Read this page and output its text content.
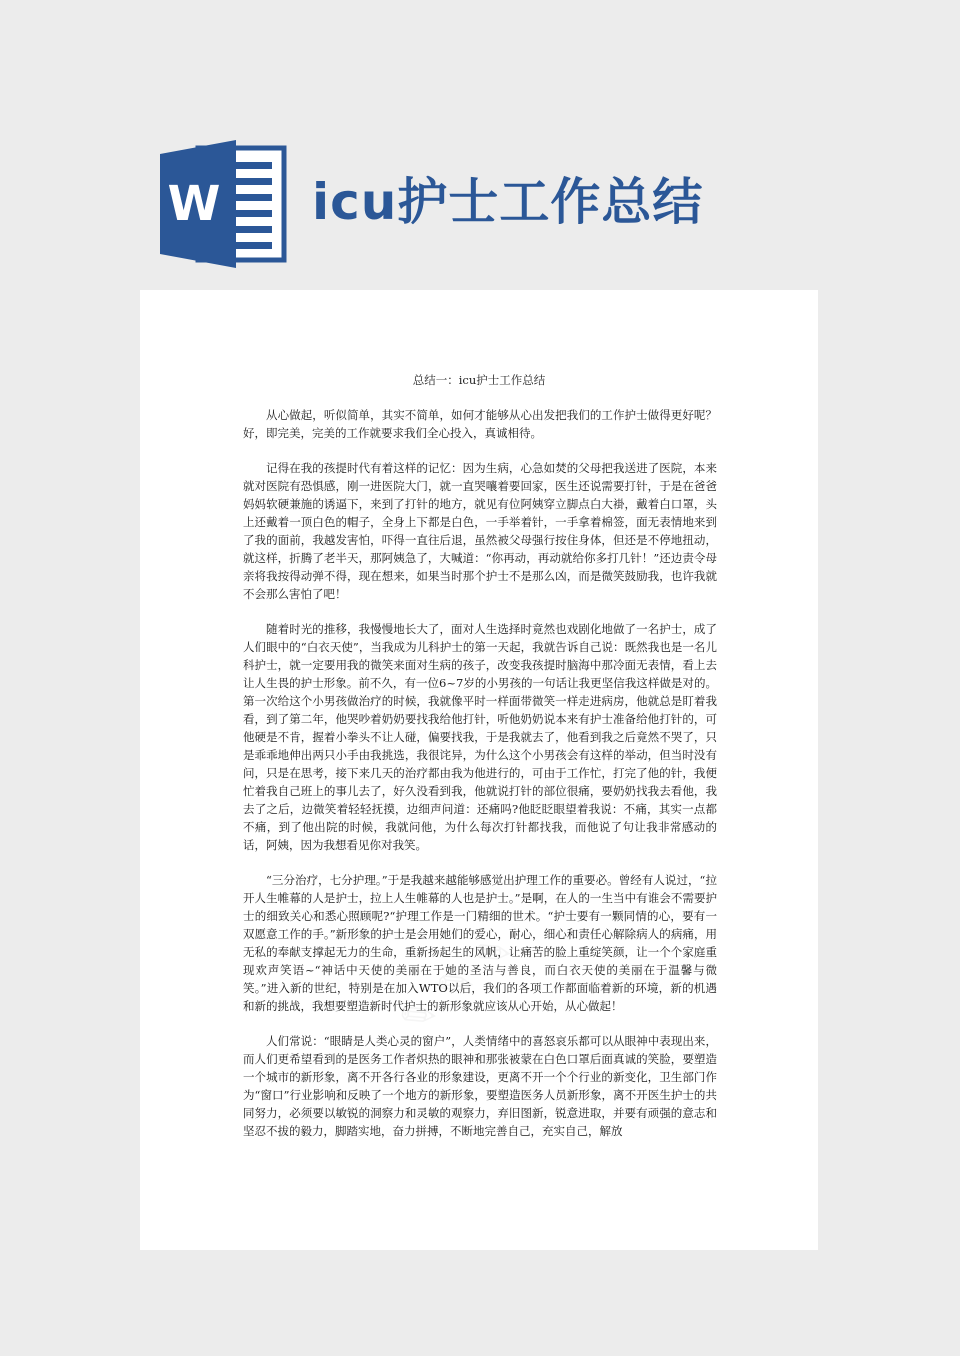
W icu护士工作总结
总结一：icu护士工作总结

从心做起，听似简单，其实不简单，如何才能够从心出发把我们的工作护士做得更好呢？好，即完美，完美的工作就要求我们全心投入，真诚相待。

记得在我的孩提时代有着这样的记忆：因为生病，心急如焚的父母把我送进了医院，本来就对医院有恐惧感，刚一进医院大门，就一直哭嚷着要回家，医生还说需要打针，于是在爸爸妈妈软硬兼施的诱逼下，来到了打针的地方，就见有位阿姨穿立脚点白大褂，戴着白口罩，头上还戴着一顶白色的帽子，全身上下都是白色，一手举着针，一手拿着棉签，面无表情地来到了我的面前，我越发害怕，吓得一直往后退，虽然被父母强行按住身体，但还是不停地扭动，就这样，折腾了老半天，那阿姨急了，大喊道：“你再动，再动就给你多打几针！”还边责令母亲将我按得动弹不得，现在想来，如果当时那个护士不是那么凶，而是微笑鼓励我，也许我就不会那么害怕了吧！

随着时光的推移，我慢慢地长大了，面对人生选择时竟然也戏剧化地做了一名护士，成了人们眼中的“白衣天使”，当我成为儿科护士的第一天起，我就告诉自己说：既然我也是一名儿科护士，就一定要用我的微笑来面对生病的孩子，改变我孩提时脑海中那冷面无表情，看上去让人生畏的护士形象。前不久，有一位6~7岁的小男孩的一句话让我更坚信我这样做是对的。第一次给这个小男孩做治疗的时候，我就像平时一样面带微笑一样走进病房，他就总是盯着我看，到了第二年，他哭吵着奶奶要找我给他打针，听他奶奶说本来有护士准备给他打针的，可他硬是不肯，握着小拳头不让人碰，偏要找我，于是我就去了，他看到我之后竟然不哭了，只是乖乖地伸出两只小手由我挑选，我很诧异，为什么这个小男孩会有这样的举动，但当时没有问，只是在思考，接下来几天的治疗都由我为他进行的，可由于工作忙，打完了他的针，我便忙着我自己班上的事儿去了，好久没看到我，他就说打针的部位很痛，要奶奶找我去看他，我去了之后，边微笑着轻轻抚摸，边细声问道：还痛吗?他眨眨眼望着我说：不痛，其实一点都不痛，到了他出院的时候，我就问他，为什么每次打针都找我，而他说了句让我非常感动的话，阿姨，因为我想看见你对我笑。

“三分治疗，七分护理。”于是我越来越能够感觉出护理工作的重要必。曾经有人说过，“拉开人生帷幕的人是护士，拉上人生帷幕的人也是护士。”是啊，在人的一生当中有谁会不需要护士的细致关心和悉心照顾呢?“护理工作是一门精细的世术。“护士要有一颗同情的心，要有一双愿意工作的手。”新形象的护士是会用她们的爱心，耐心，细心和责任心解除病人的病痛，用无私的奉献支撑起无力的生命，重新扬起生的风帆，让痛苦的脸上重绽笑颜，让一个个家庭重现欢声笑语~“神话中天使的美丽在于她的圣洁与善良，而白衣天使的美丽在于温馨与微笑。”进入新的世纪，特别是在加入WTO以后，我们的各项工作都面临着新的环境，新的机遇和新的挑战，我想要塑造新时代护士的新形象就应该从心开始，从心做起！

人们常说：“眼睛是人类心灵的窗户”，人类情绪中的喜怒哀乐都可以从眼神中表现出来，而人们更希望看到的是医务工作者炽热的眼神和那张被蒙在白色口罩后面真诚的笑脸，要塑造一个城市的新形象，离不开各行各业的形象建设，更离不开一个个行业的新变化，卫生部门作为“窗口”行业影响和反映了一个地方的新形象，要塑造医务人员新形象，离不开医生护士的共同努力，必须要以敏锐的洞察力和灵敏的观察力，弃旧图新，锐意进取，并要有顽强的意志和坚忍不拔的毅力，脚踏实地，奋力拼搏，不断地完善自己，充实自己，解放
